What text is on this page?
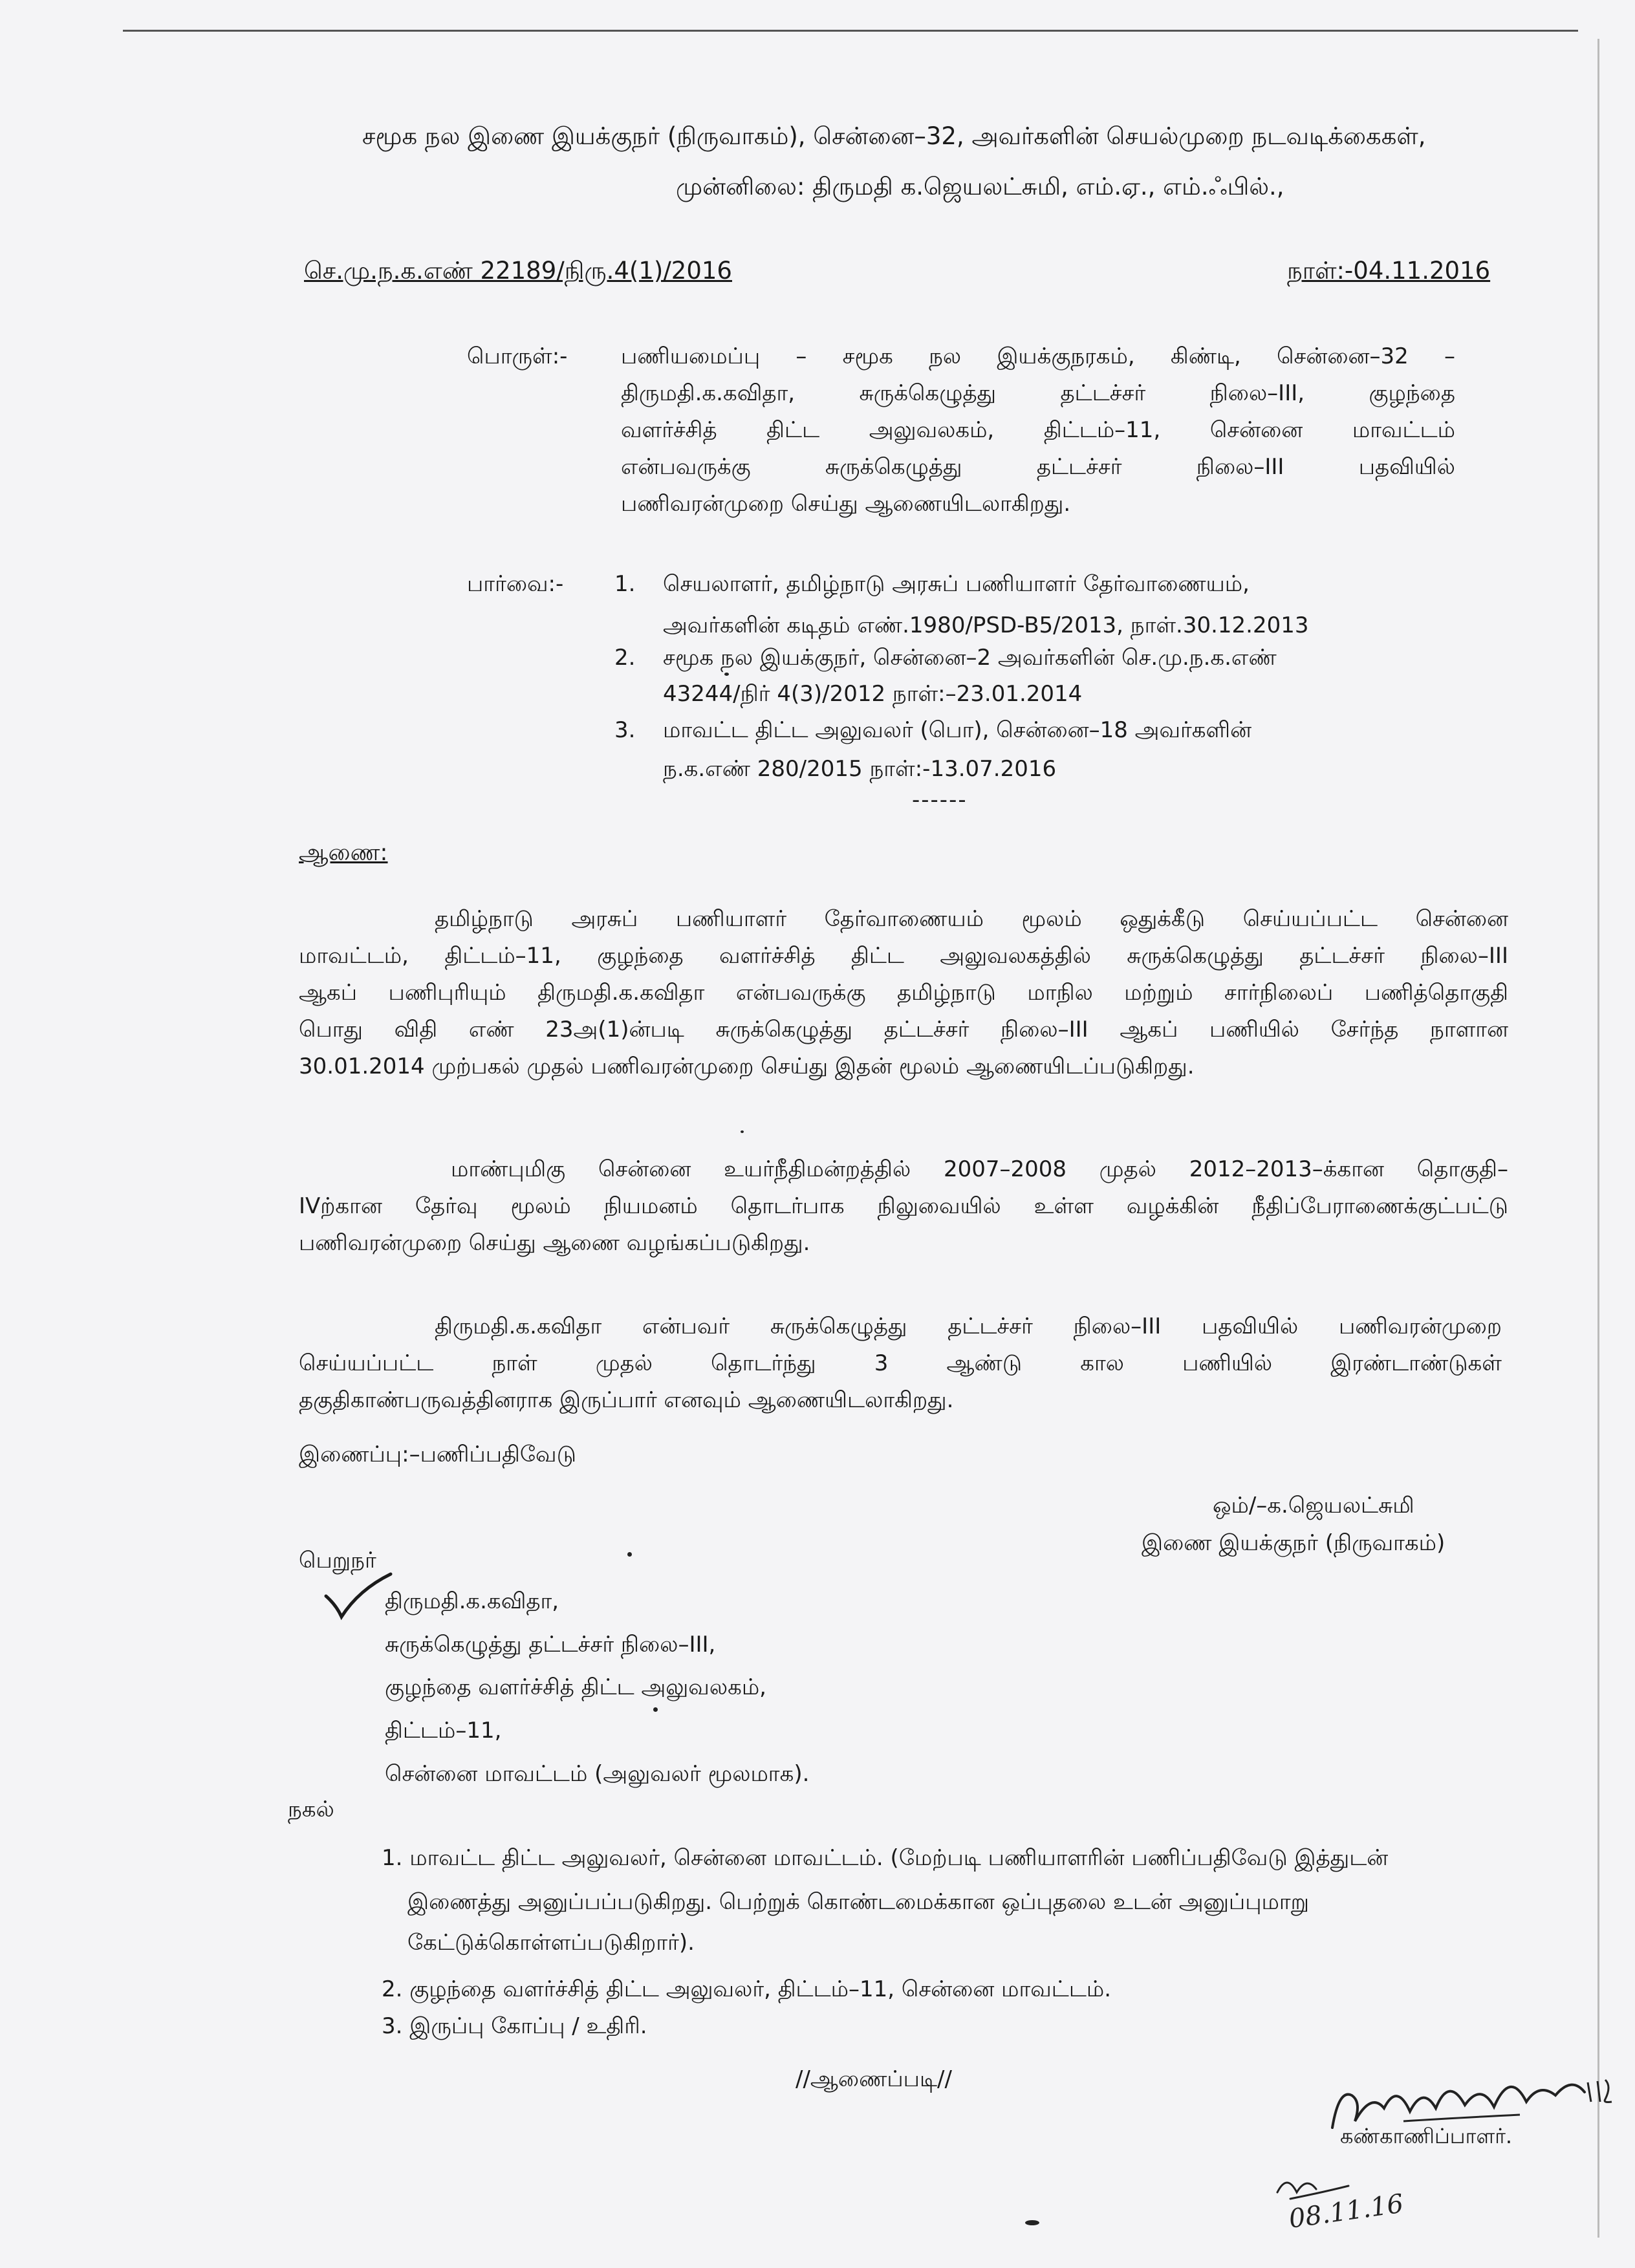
சமூக நல இணை இயக்குநர் (நிருவாகம்), சென்னை–32, அவர்களின் செயல்முறை நடவடிக்கைகள்,
முன்னிலை: திருமதி க.ஜெயலட்சுமி, எம்.ஏ., எம்.ஃபில்.,
செ.மு.ந.க.எண் 22189/நிரு.4(1)/2016	நாள்:-04.11.2016
பொருள்:- பணியமைப்பு – சமூக நல இயக்குநரகம், கிண்டி, சென்னை–32 –
திருமதி.க.கவிதா, சுருக்கெழுத்து தட்டச்சர் நிலை–III, குழந்தை
வளர்ச்சித் திட்ட அலுவலகம், திட்டம்–11, சென்னை மாவட்டம்
என்பவருக்கு சுருக்கெழுத்து தட்டச்சர் நிலை–III பதவியில்
பணிவரன்முறை செய்து ஆணையிடலாகிறது.
பார்வை:- 1. செயலாளர், தமிழ்நாடு அரசுப் பணியாளர் தேர்வாணையம்,
அவர்களின் கடிதம் எண்.1980/PSD-B5/2013, நாள்.30.12.2013
2. சமூக நல இயக்குநர், சென்னை–2 அவர்களின் செ.மு.ந.க.எண்
43244/நிர் 4(3)/2012 நாள்:–23.01.2014
3. மாவட்ட திட்ட அலுவலர் (பொ), சென்னை–18 அவர்களின்
ந.க.எண் 280/2015 நாள்:-13.07.2016
------
ஆணை:
தமிழ்நாடு அரசுப் பணியாளர் தேர்வாணையம் மூலம் ஒதுக்கீடு செய்யப்பட்ட சென்னை
மாவட்டம், திட்டம்–11, குழந்தை வளர்ச்சித் திட்ட அலுவலகத்தில் சுருக்கெழுத்து தட்டச்சர் நிலை–III
ஆகப் பணிபுரியும் திருமதி.க.கவிதா என்பவருக்கு தமிழ்நாடு மாநில மற்றும் சார்நிலைப் பணித்தொகுதி
பொது விதி எண் 23அ(1)ன்படி சுருக்கெழுத்து தட்டச்சர் நிலை–III ஆகப் பணியில் சேர்ந்த நாளான
30.01.2014 முற்பகல் முதல் பணிவரன்முறை செய்து இதன் மூலம் ஆணையிடப்படுகிறது.
மாண்புமிகு சென்னை உயர்நீதிமன்றத்தில் 2007–2008 முதல் 2012–2013–க்கான தொகுதி–
IVற்கான தேர்வு மூலம் நியமனம் தொடர்பாக நிலுவையில் உள்ள வழக்கின் நீதிப்பேராணைக்குட்பட்டு
பணிவரன்முறை செய்து ஆணை வழங்கப்படுகிறது.
திருமதி.க.கவிதா என்பவர் சுருக்கெழுத்து தட்டச்சர் நிலை–III பதவியில் பணிவரன்முறை
செய்யப்பட்ட நாள் முதல் தொடர்ந்து 3 ஆண்டு கால பணியில் இரண்டாண்டுகள்
தகுதிகாண்பருவத்தினராக இருப்பார் எனவும் ஆணையிடலாகிறது.
இணைப்பு:–பணிப்பதிவேடு
ஒம்/–க.ஜெயலட்சுமி
இணை இயக்குநர் (நிருவாகம்)
பெறுநர்
திருமதி.க.கவிதா,
சுருக்கெழுத்து தட்டச்சர் நிலை–III,
குழந்தை வளர்ச்சித் திட்ட அலுவலகம்,
திட்டம்–11,
சென்னை மாவட்டம் (அலுவலர் மூலமாக).
நகல்
1. மாவட்ட திட்ட அலுவலர், சென்னை மாவட்டம். (மேற்படி பணியாளரின் பணிப்பதிவேடு இத்துடன்
இணைத்து அனுப்பப்படுகிறது. பெற்றுக் கொண்டமைக்கான ஒப்புதலை உடன் அனுப்புமாறு
கேட்டுக்கொள்ளப்படுகிறார்).
2. குழந்தை வளர்ச்சித் திட்ட அலுவலர், திட்டம்–11, சென்னை மாவட்டம்.
3. இருப்பு கோப்பு / உதிரி.
//ஆணைப்படி//
கண்காணிப்பாளர்.
08.11.16
